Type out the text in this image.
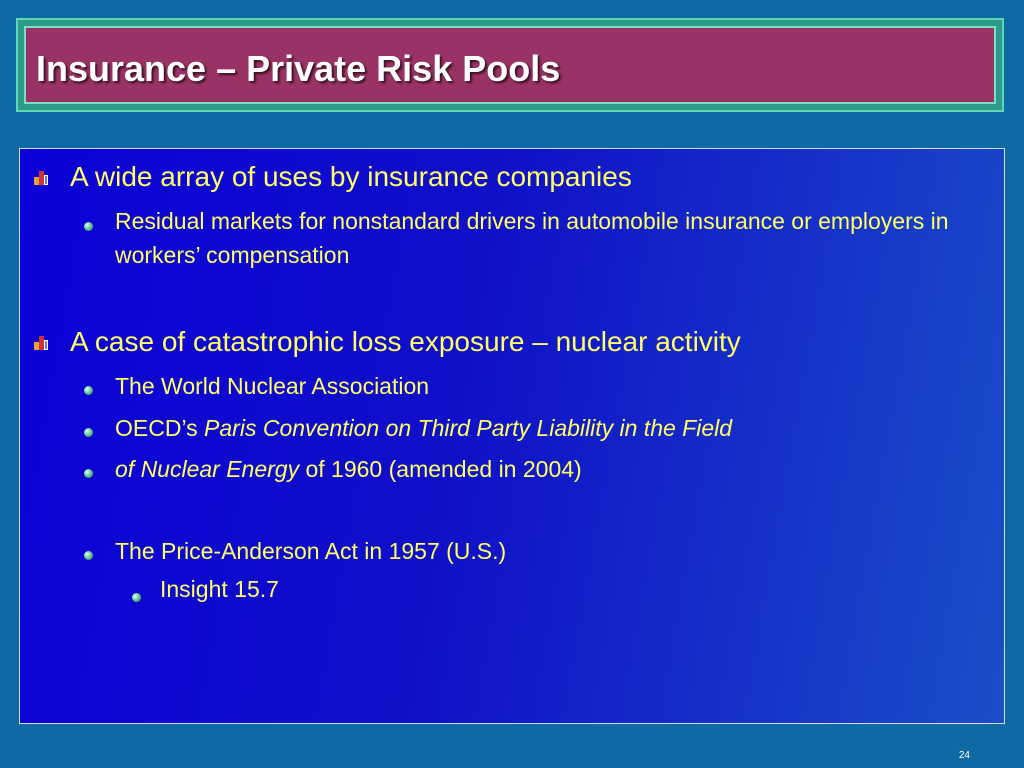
Insurance – Private Risk Pools
A wide array of uses by insurance companies
Residual markets for nonstandard drivers in automobile insurance or employers in workers’ compensation
A case of catastrophic loss exposure – nuclear activity
The World Nuclear Association
OECD’s Paris Convention on Third Party Liability in the Field
of Nuclear Energy of 1960 (amended in 2004)
The Price-Anderson Act in 1957 (U.S.)
Insight 15.7
24
